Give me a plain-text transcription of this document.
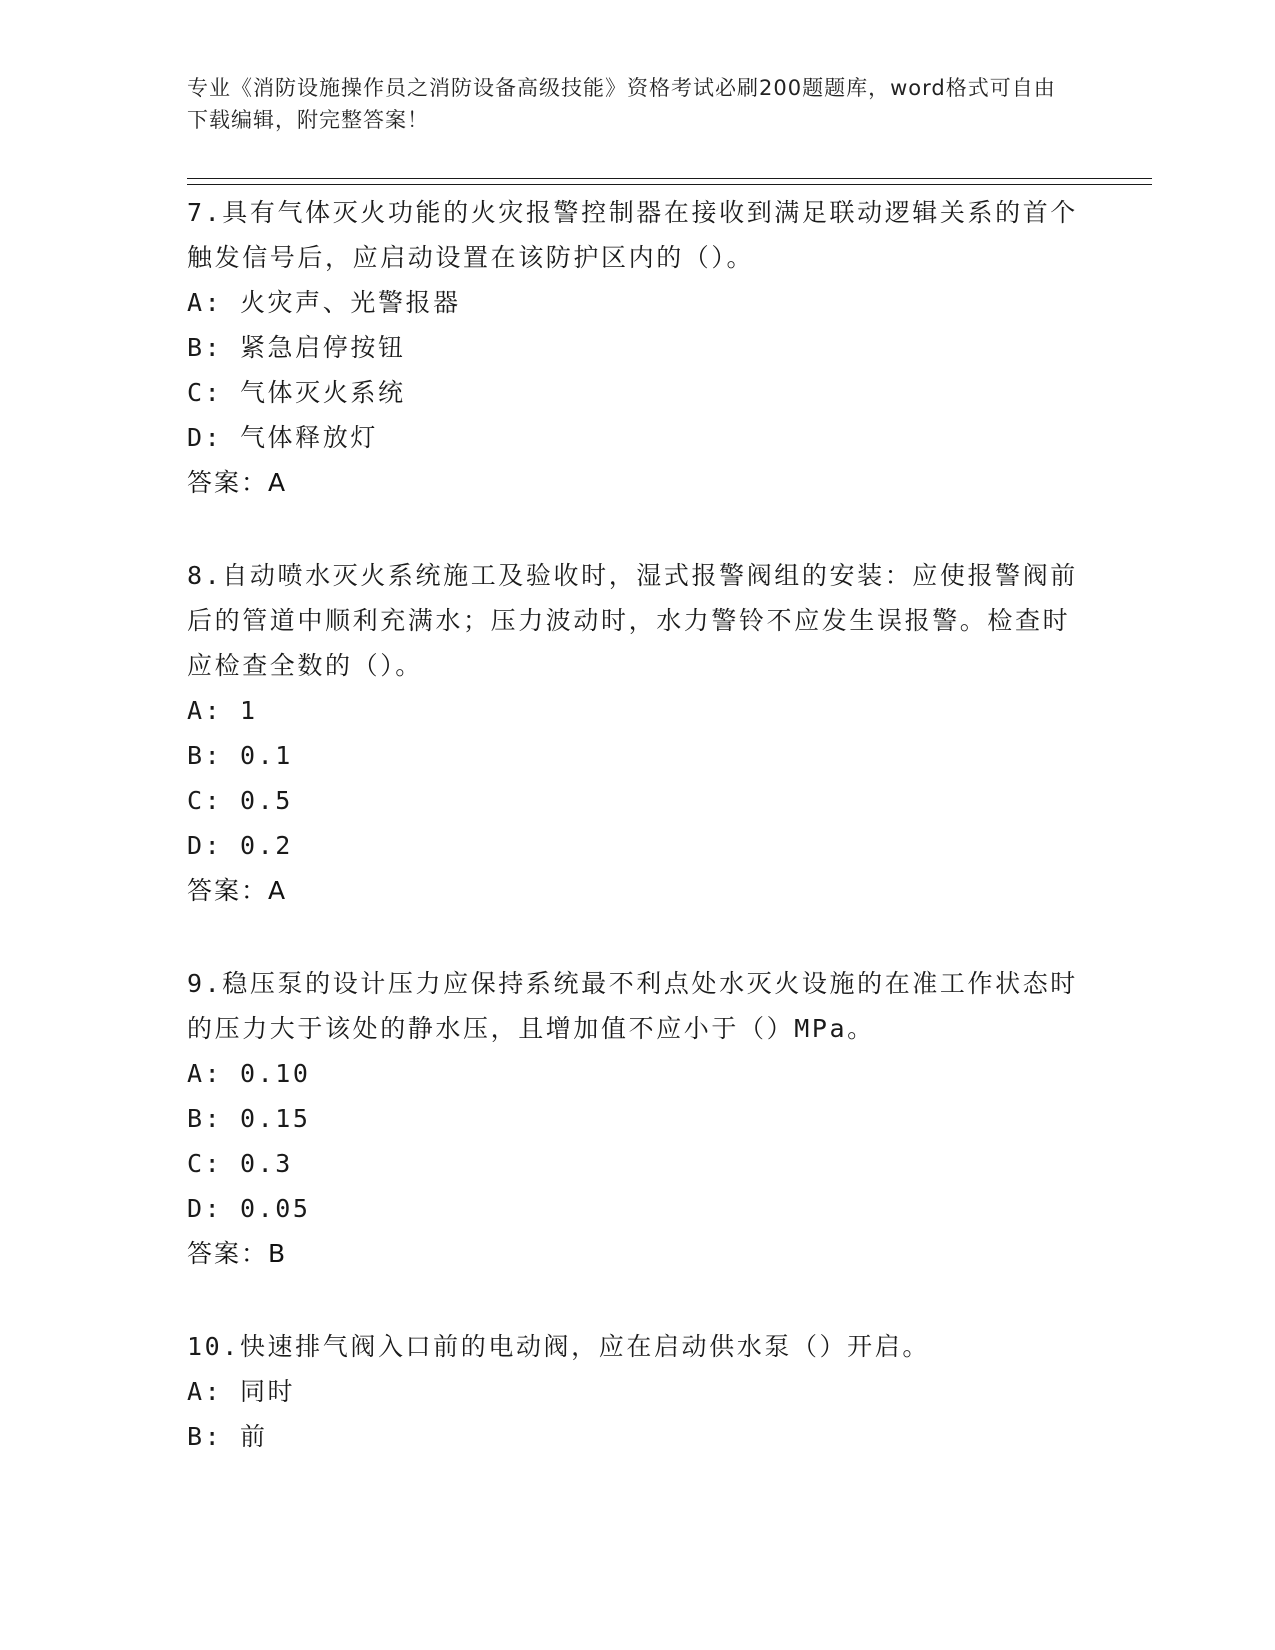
专业《消防设施操作员之消防设备高级技能》资格考试必刷200题题库，word格式可自由下载编辑，附完整答案！
7.具有气体灭火功能的火灾报警控制器在接收到满足联动逻辑关系的首个触发信号后，应启动设置在该防护区内的（）。
A: 火灾声、光警报器
B: 紧急启停按钮
C: 气体灭火系统
D: 气体释放灯
答案：A
8.自动喷水灭火系统施工及验收时，湿式报警阀组的安装：应使报警阀前后的管道中顺利充满水；压力波动时，水力警铃不应发生误报警。检查时应检查全数的（）。
A: 1
B: 0.1
C: 0.5
D: 0.2
答案：A
9.稳压泵的设计压力应保持系统最不利点处水灭火设施的在准工作状态时的压力大于该处的静水压，且增加值不应小于（）MPa。
A: 0.10
B: 0.15
C: 0.3
D: 0.05
答案：B
10.快速排气阀入口前的电动阀，应在启动供水泵（）开启。
A: 同时
B: 前
